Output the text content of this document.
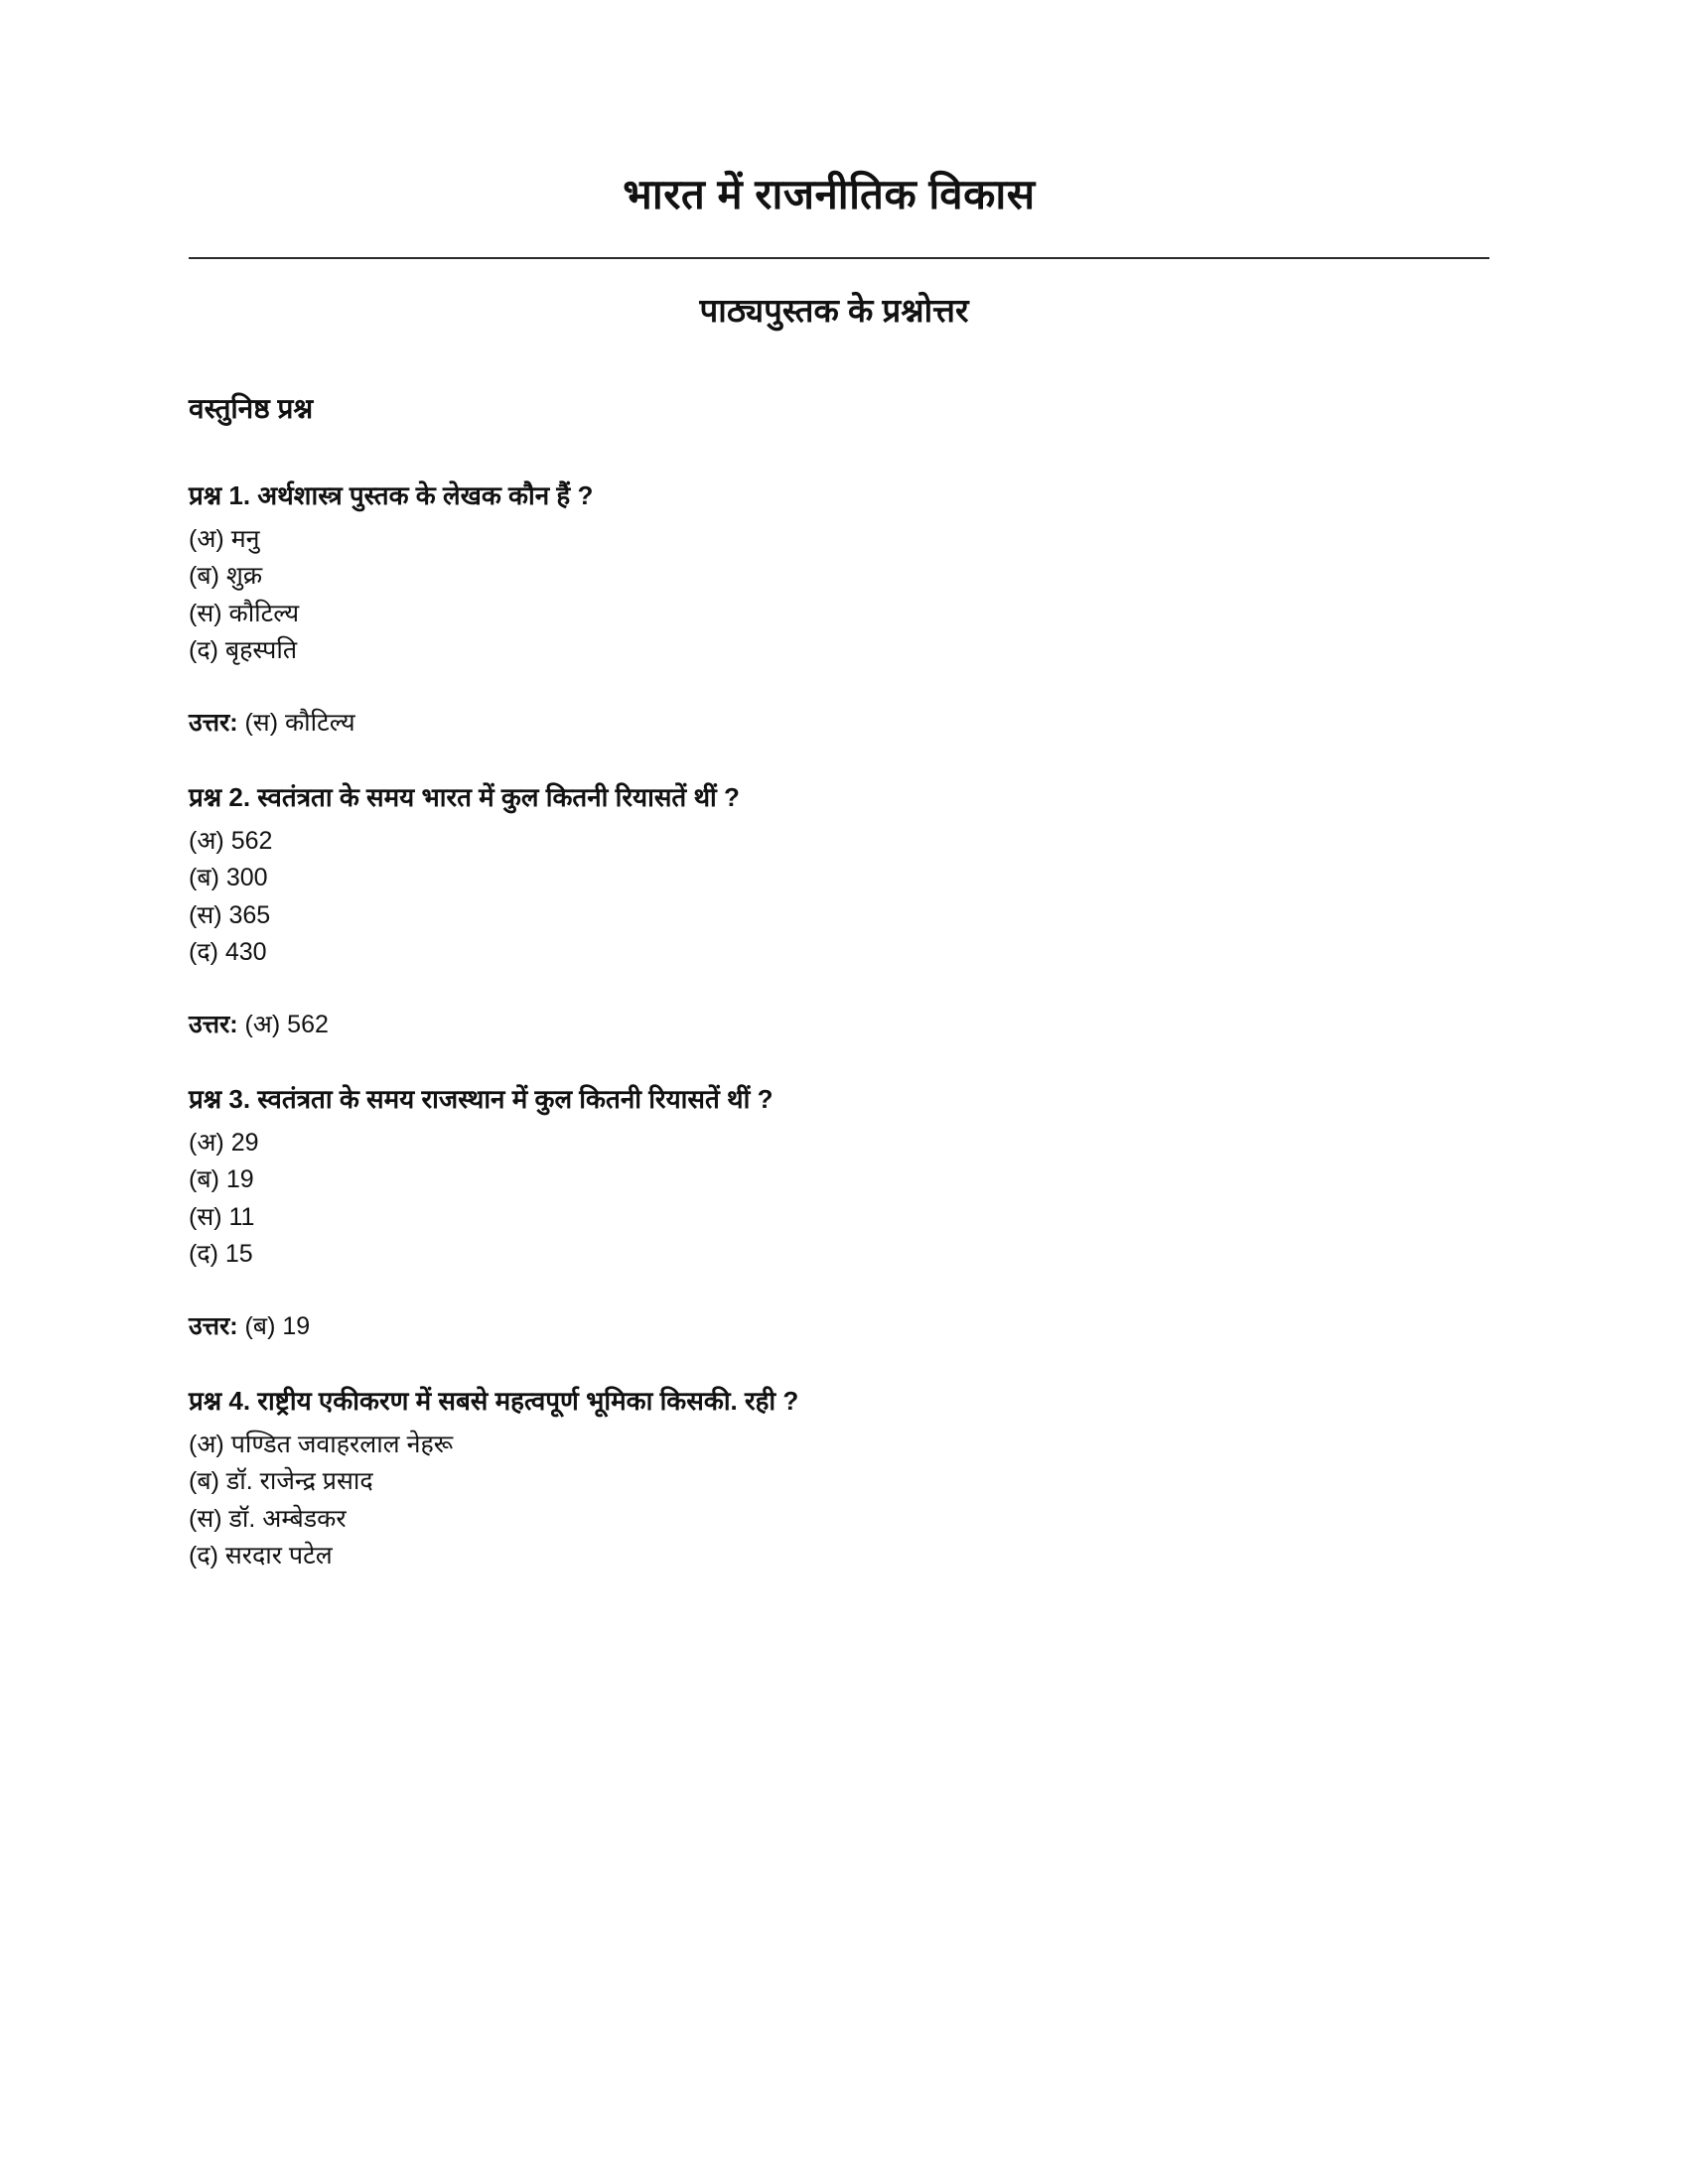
भारत में राजनीतिक विकास
पाठ्यपुस्तक के प्रश्नोत्तर
वस्तुनिष्ठ प्रश्न

प्रश्न 1. अर्थशास्त्र पुस्तक के लेखक कौन हैं ?

(अ) मनु
(ब) शुक्र
(स) कौटिल्य
(द) बृहस्पति

उत्तर: (स) कौटिल्य

प्रश्न 2. स्वतंत्रता के समय भारत में कुल कितनी रियासतें थीं ?

(अ) 562
(ब) 300
(स) 365
(द) 430

उत्तर: (अ) 562

प्रश्न 3. स्वतंत्रता के समय राजस्थान में कुल कितनी रियासतें थीं ?

(अ) 29
(ब) 19
(स) 11
(द) 15

उत्तर: (ब) 19

प्रश्न 4. राष्ट्रीय एकीकरण में सबसे महत्वपूर्ण भूमिका किसकी. रही ?

(अ) पण्डित जवाहरलाल नेहरू
(ब) डॉ. राजेन्द्र प्रसाद
(स) डॉ. अम्बेडकर
(द) सरदार पटेल
